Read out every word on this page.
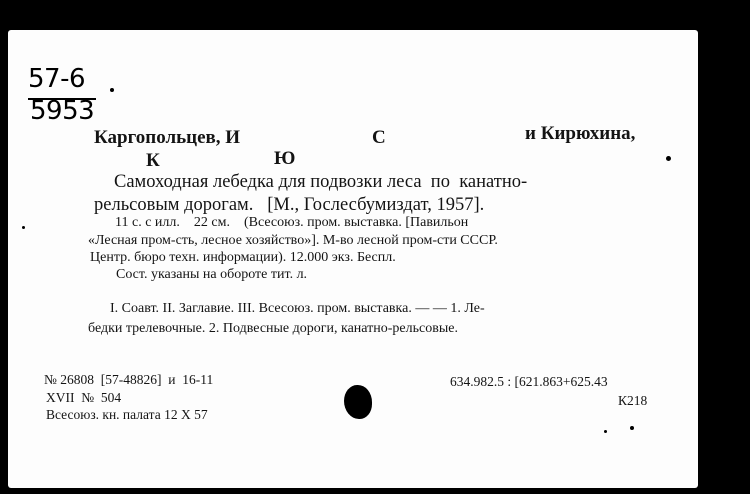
57-6
5953
Каргопольцев, И	С	и Кирюхина,
К	Ю
Самоходная лебедка для подвозки леса  по  канатно-
рельсовым дорогам.   [М., Гослесбумиздат, 1957].
11 с. с илл.    22 см.    (Всесоюз. пром. выставка. [Павильон
«Лесная пром-сть, лесное хозяйство»]. М-во лесной пром-сти СССР.
Центр. бюро техн. информации). 12.000 экз. Беспл.
Сост. указаны на обороте тит. л.
I. Соавт. II. Заглавие. III. Всесоюз. пром. выставка. — — 1. Ле-
бедки трелевочные. 2. Подвесные дороги, канатно-рельсовые.
№ 26808  [57-48826]  и  16-11
XVII  №  504
Всесоюз. кн. палата 12 X 57
634.982.5 : [621.863+625.43
К218
